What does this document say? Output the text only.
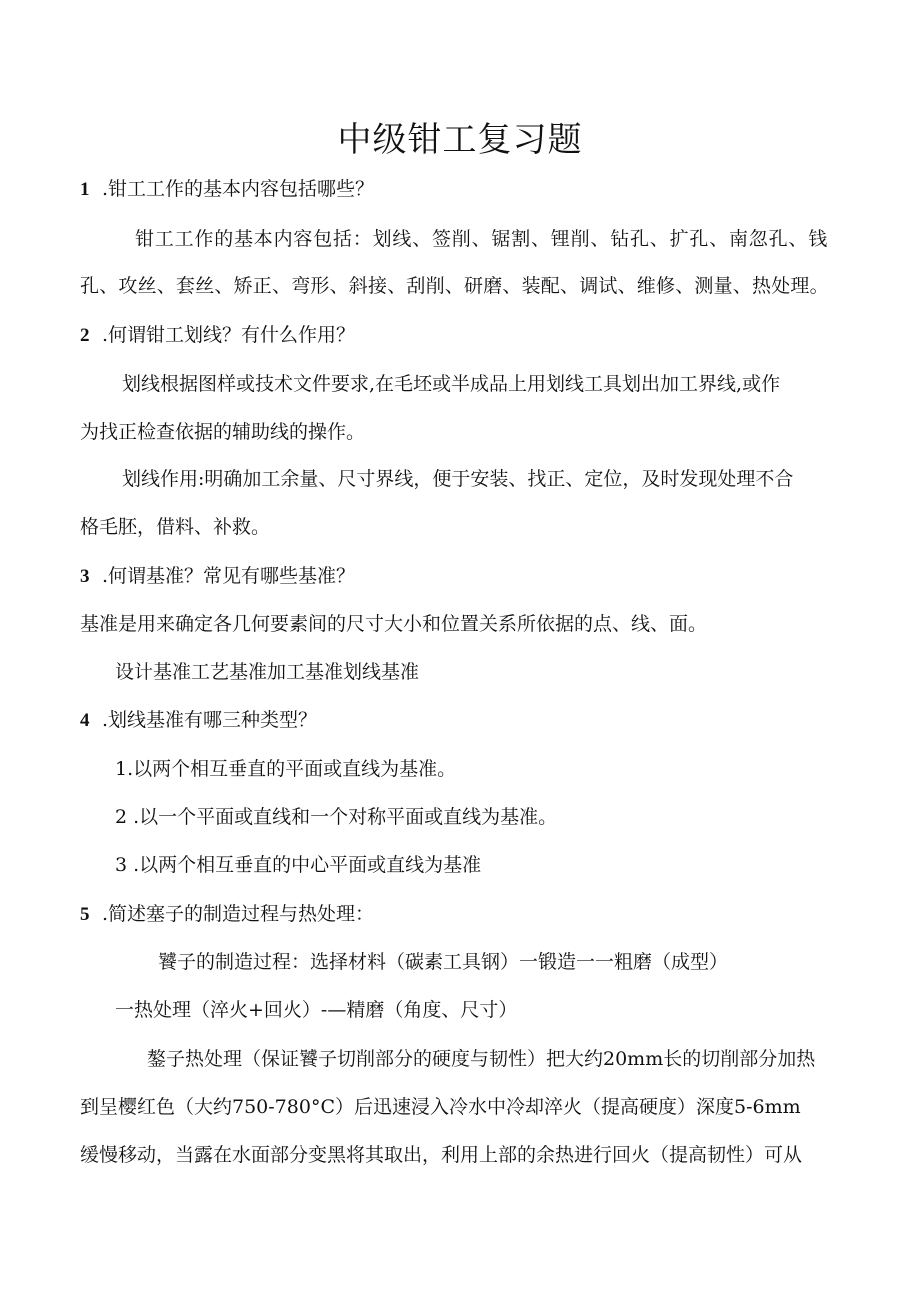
中级钳工复习题
1 .钳工工作的基本内容包括哪些？
钳工工作的基本内容包括：划线、签削、锯割、锂削、钻孔、扩孔、南忽孔、钱
孔、攻丝、套丝、矫正、弯形、斜接、刮削、研磨、装配、调试、维修、测量、热处理。
2 .何谓钳工划线？有什么作用？
划线根据图样或技术文件要求,在毛坯或半成品上用划线工具划出加工界线,或作
为找正检查依据的辅助线的操作。
划线作用:明确加工余量、尺寸界线，便于安装、找正、定位，及时发现处理不合
格毛胚，借料、补救。
3 .何谓基准？常见有哪些基准？
基准是用来确定各几何要素间的尺寸大小和位置关系所依据的点、线、面。
设计基准工艺基准加工基准划线基准
4 .划线基准有哪三种类型？
1.以两个相互垂直的平面或直线为基准。
2 .以一个平面或直线和一个对称平面或直线为基准。
3 .以两个相互垂直的中心平面或直线为基准
5 .简述塞子的制造过程与热处理：
饕子的制造过程：选择材料（碳素工具钢）一锻造一一粗磨（成型）
一热处理（淬火+回火）-—精磨（角度、尺寸）
鏊子热处理（保证饕子切削部分的硬度与韧性）把大约20mm长的切削部分加热
到呈樱红色（大约750-780°C）后迅速浸入冷水中冷却淬火（提高硬度）深度5-6mm
缓慢移动，当露在水面部分变黑将其取出，利用上部的余热进行回火（提高韧性）可从
